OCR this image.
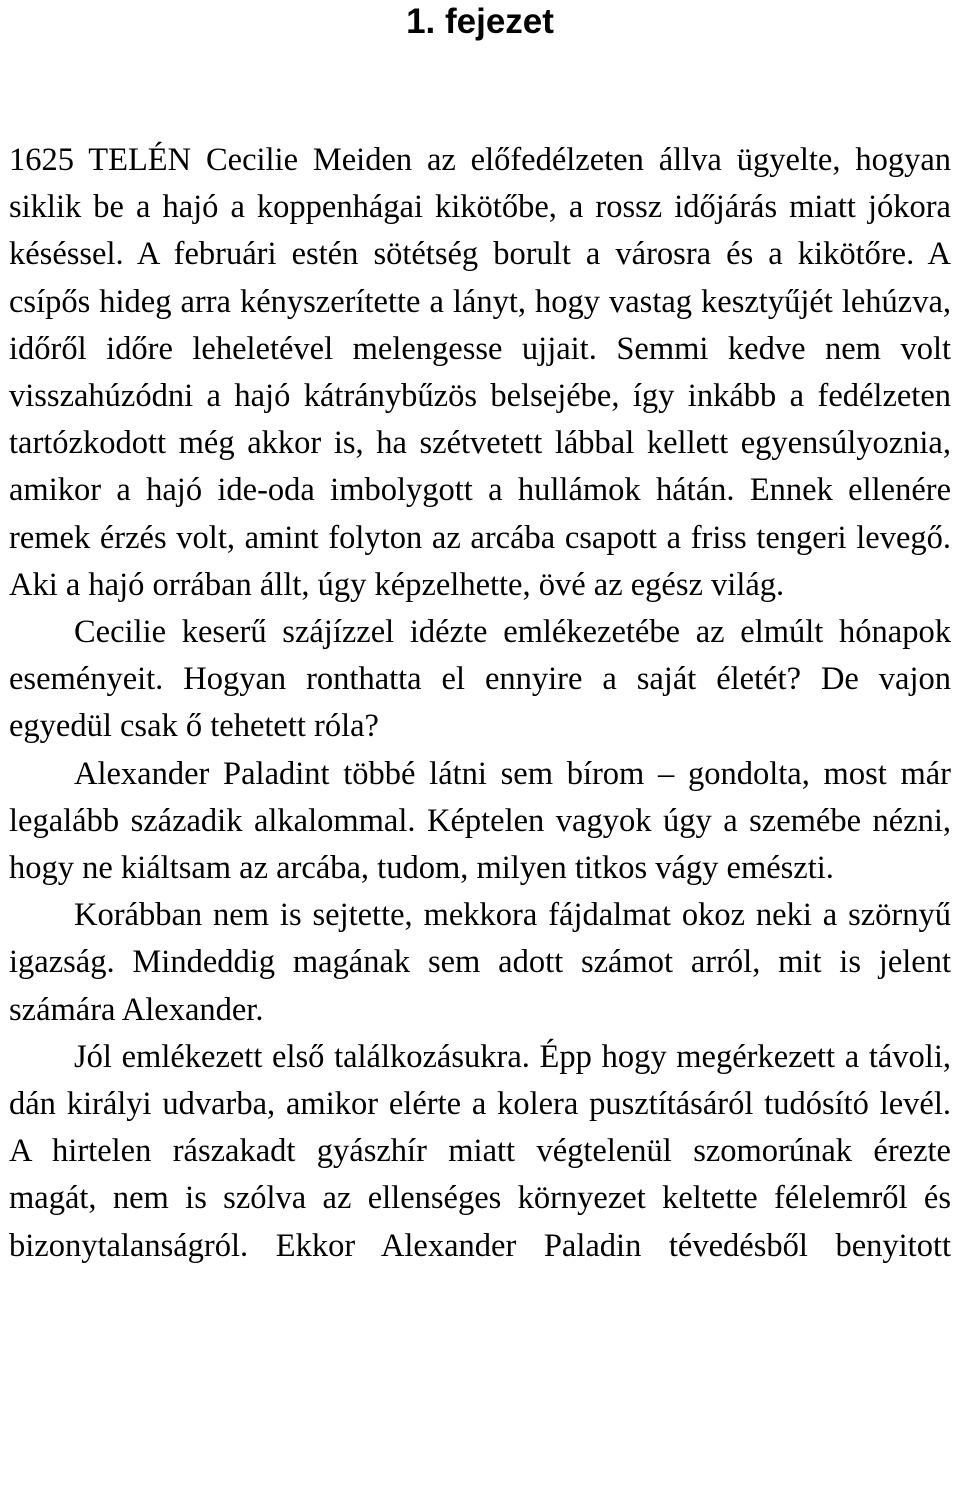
1. fejezet

1625 TELÉN Cecilie Meiden az előfedélzeten állva ügyelte, hogyan siklik be a hajó a koppenhágai kikötőbe, a rossz időjárás miatt jókora késéssel. A februári estén sötétség borult a városra és a kikötőre. A csípős hideg arra kényszerítette a lányt, hogy vastag kesztyűjét lehúzva, időről időre leheletével melengesse ujjait. Semmi kedve nem volt visszahúzódni a hajó kátránybűzös belsejébe, így inkább a fedélzeten tartózkodott még akkor is, ha szétvetett lábbal kellett egyensúlyoznia, amikor a hajó ide-oda imbolygott a hullámok hátán. Ennek ellenére remek érzés volt, amint folyton az arcába csapott a friss tengeri levegő. Aki a hajó orrában állt, úgy képzelhette, övé az egész világ.

Cecilie keserű szájízzel idézte emlékezetébe az elmúlt hónapok eseményeit. Hogyan ronthatta el ennyire a saját életét? De vajon egyedül csak ő tehetett róla?

Alexander Paladint többé látni sem bírom – gondolta, most már legalább századik alkalommal. Képtelen vagyok úgy a szemébe nézni, hogy ne kiáltsam az arcába, tudom, milyen titkos vágy emészti.

Korábban nem is sejtette, mekkora fájdalmat okoz neki a szörnyű igazság. Mindeddig magának sem adott számot arról, mit is jelent számára Alexander.

Jól emlékezett első találkozásukra. Épp hogy megérkezett a távoli, dán királyi udvarba, amikor elérte a kolera pusztításáról tudósító levél. A hirtelen rászakadt gyászhír miatt végtelenül szomorúnak érezte magát, nem is szólva az ellenséges környezet keltette félelemről és bizonytalanságról. Ekkor Alexander Paladin tévedésből benyitott
